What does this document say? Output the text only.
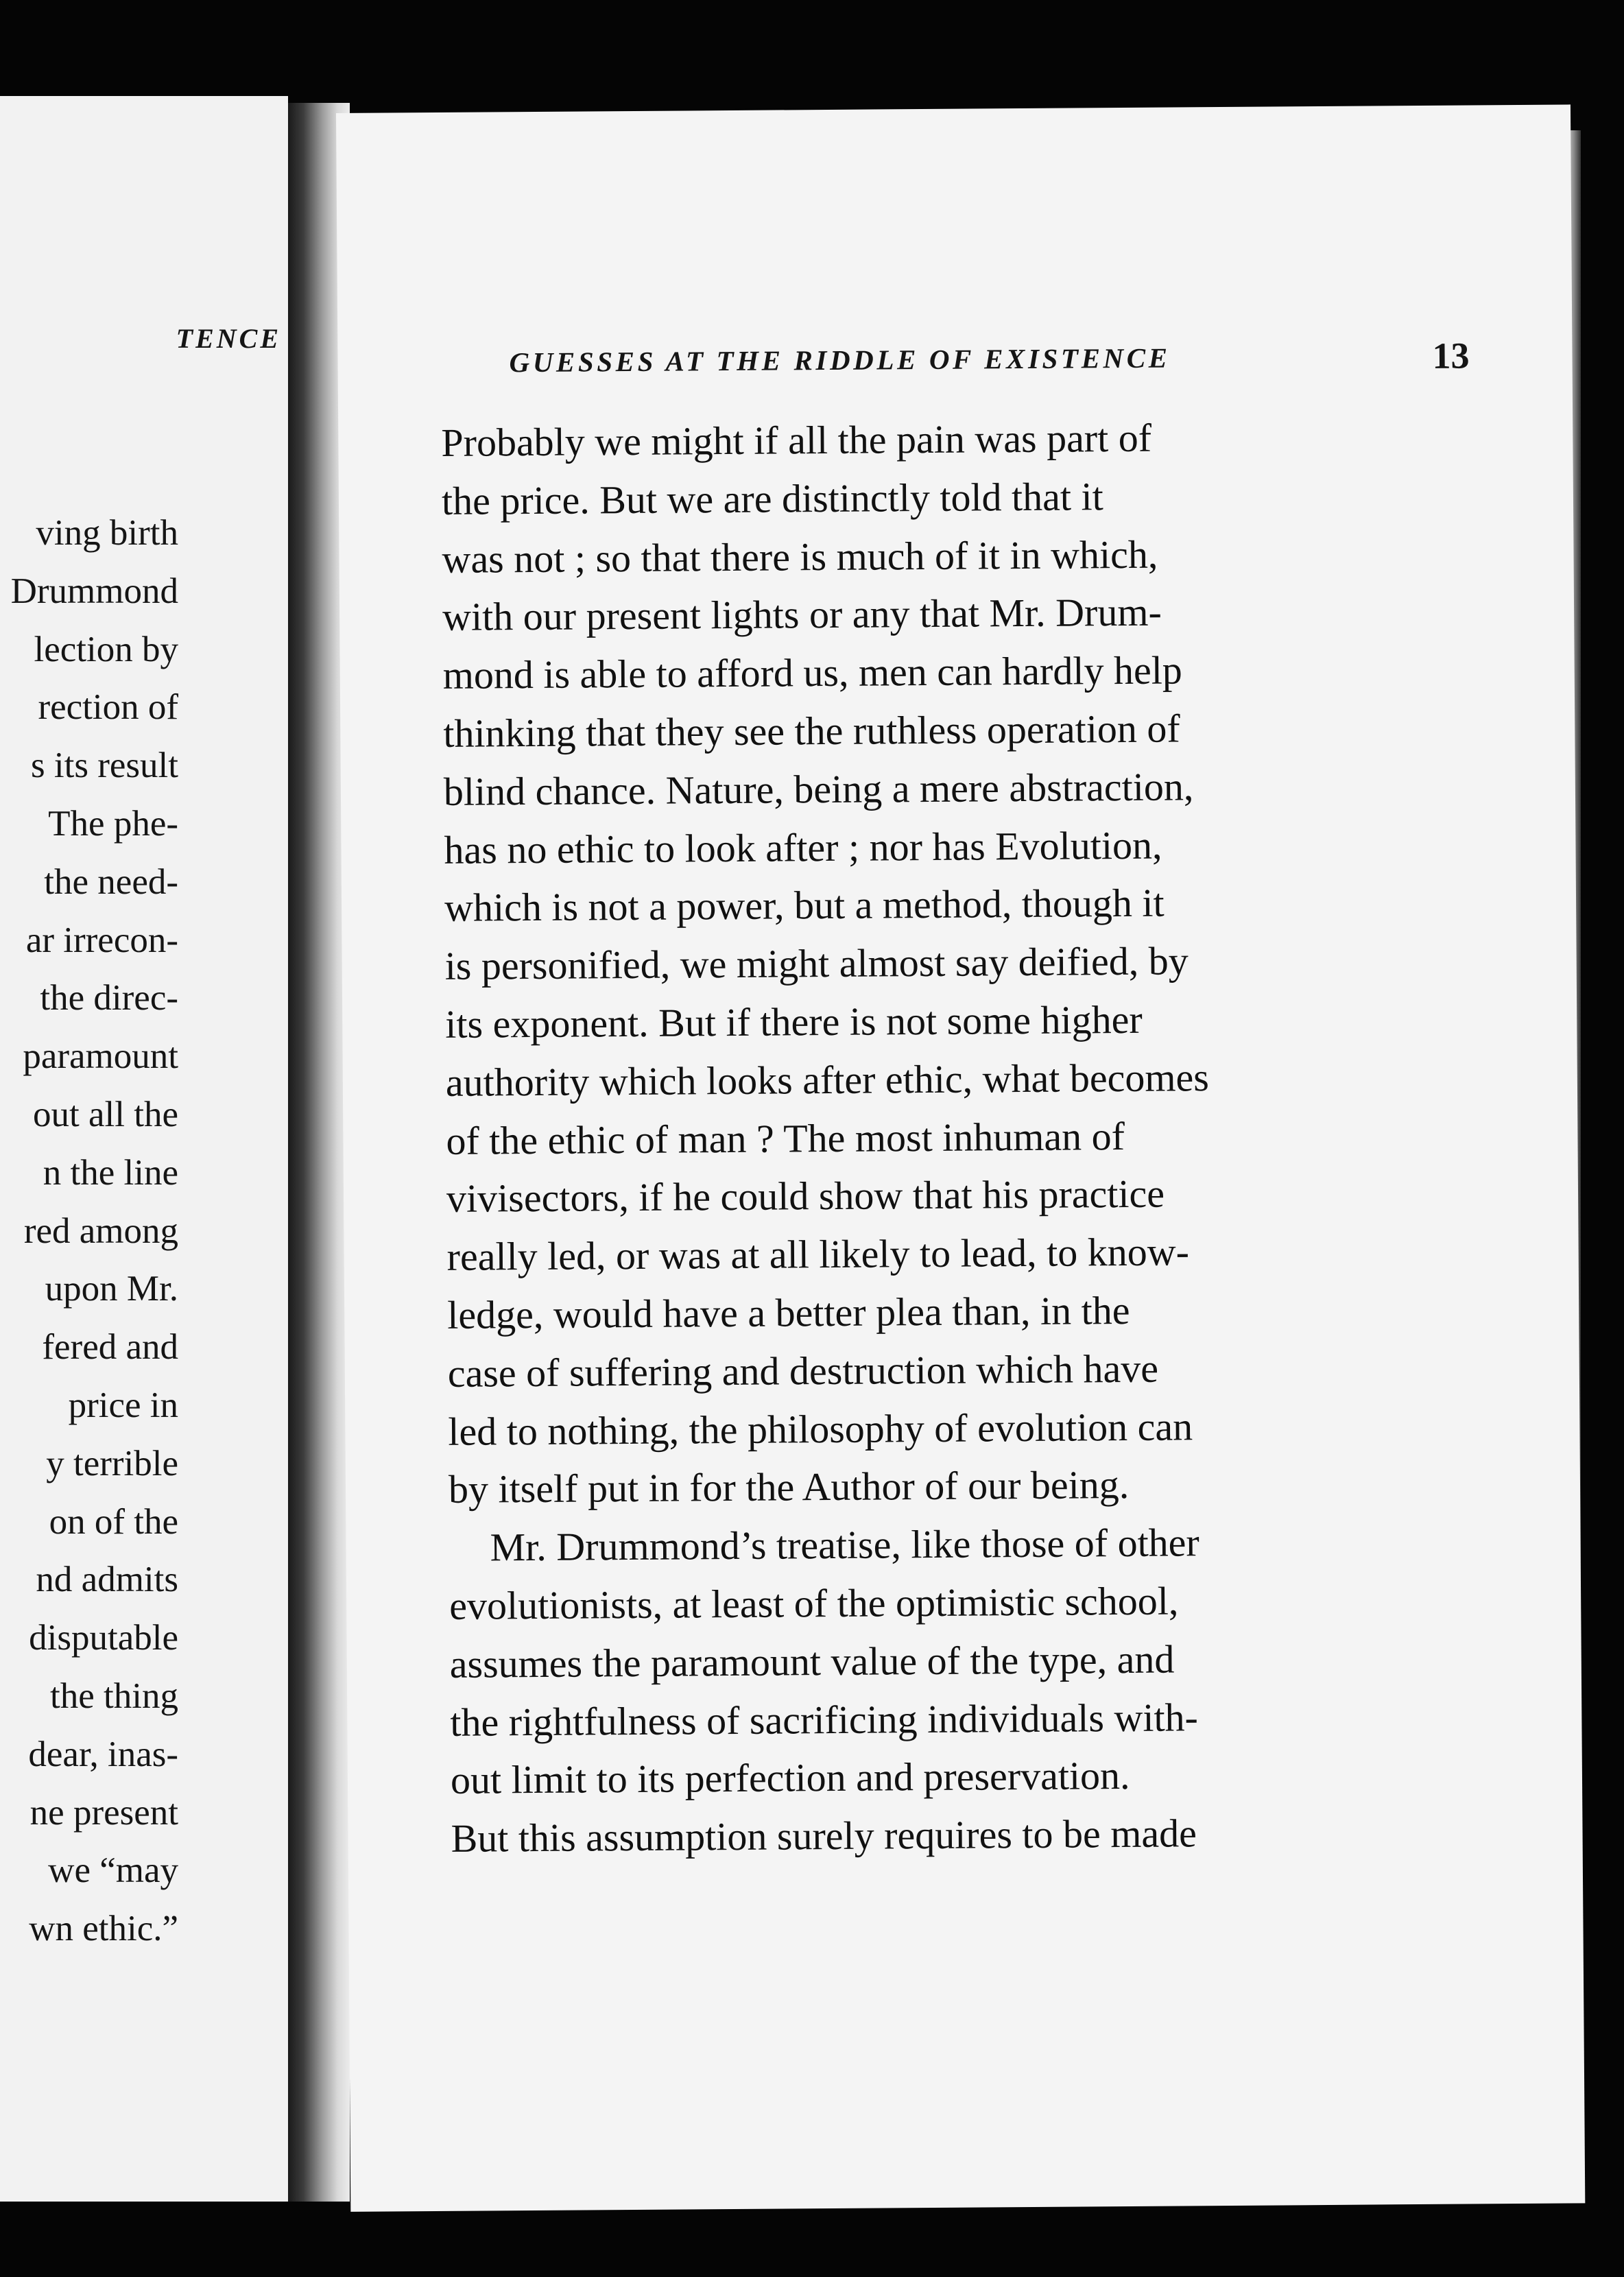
TENCE
ving birth
Drummond
lection by
rection of
s its result
The phe-
the need-
ar irrecon-
the direc-
paramount
out all the
n the line
red among
upon Mr.
fered and
price in
y terrible
on of the
nd admits
disputable
the thing
dear, inas-
ne present
we “may
wn ethic.”
GUESSES AT THE RIDDLE OF EXISTENCE	13
Probably we might if all the pain was part of
the price. But we are distinctly told that it
was not ; so that there is much of it in which,
with our present lights or any that Mr. Drum-
mond is able to afford us, men can hardly help
thinking that they see the ruthless operation of
blind chance. Nature, being a mere abstraction,
has no ethic to look after ; nor has Evolution,
which is not a power, but a method, though it
is personified, we might almost say deified, by
its exponent. But if there is not some higher
authority which looks after ethic, what becomes
of the ethic of man ? The most inhuman of
vivisectors, if he could show that his practice
really led, or was at all likely to lead, to know-
ledge, would have a better plea than, in the
case of suffering and destruction which have
led to nothing, the philosophy of evolution can
by itself put in for the Author of our being.
Mr. Drummond’s treatise, like those of other
evolutionists, at least of the optimistic school,
assumes the paramount value of the type, and
the rightfulness of sacrificing individuals with-
out limit to its perfection and preservation.
But this assumption surely requires to be made
